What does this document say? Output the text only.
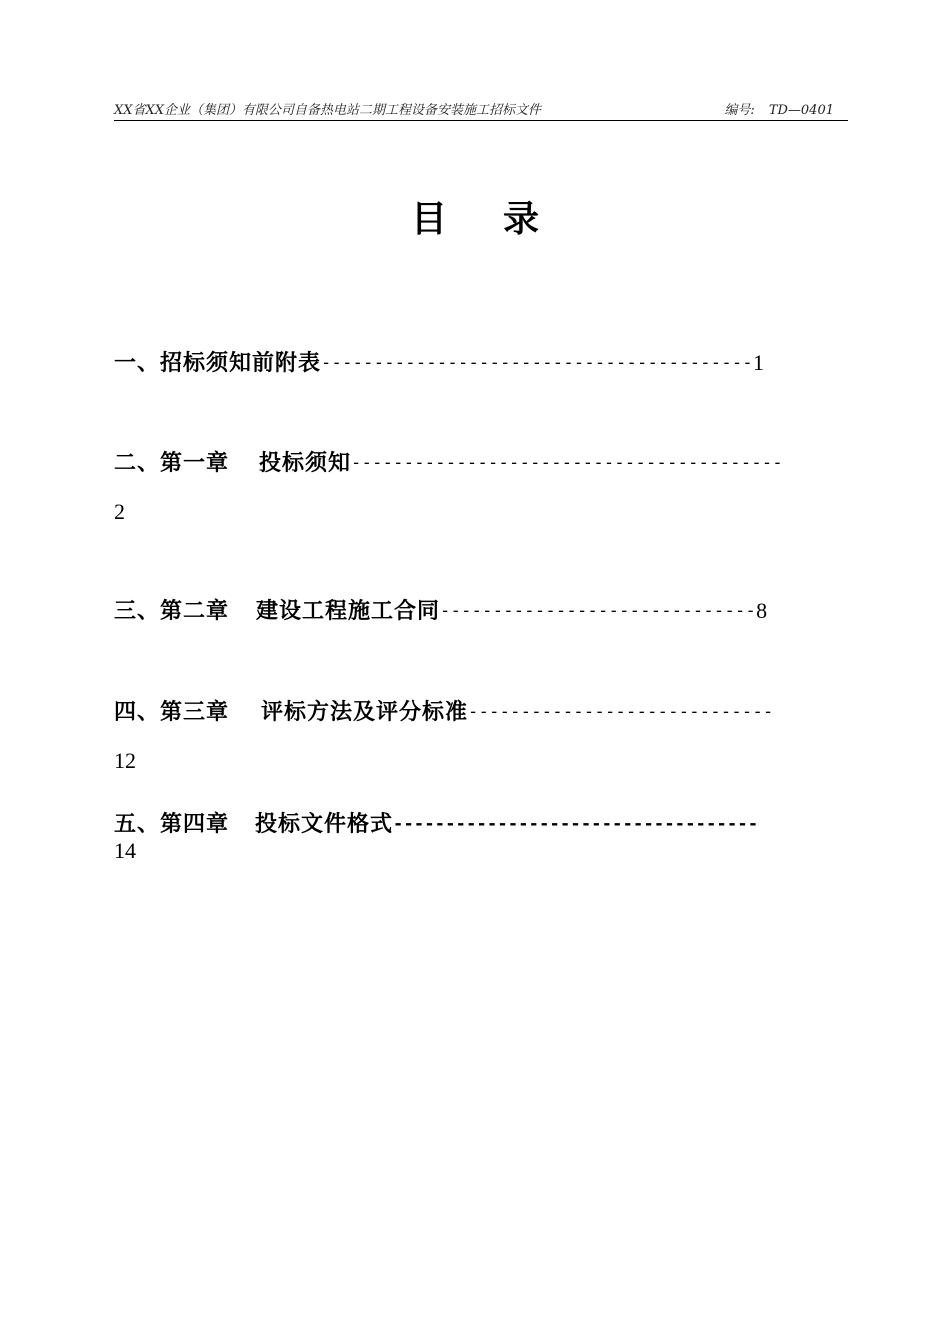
XX省XX企业（集团）有限公司自备热电站二期工程设备安装施工招标文件	编号: TD—0401
目录
一、招标须知前附表-----------------------------------------1
二、第一章 投标须知-----------------------------------------
2
三、第二章 建设工程施工合同------------------------------8
四、第三章 评标方法及评分标准-----------------------------
12
五、第四章 投标文件格式-----------------------------------
14
